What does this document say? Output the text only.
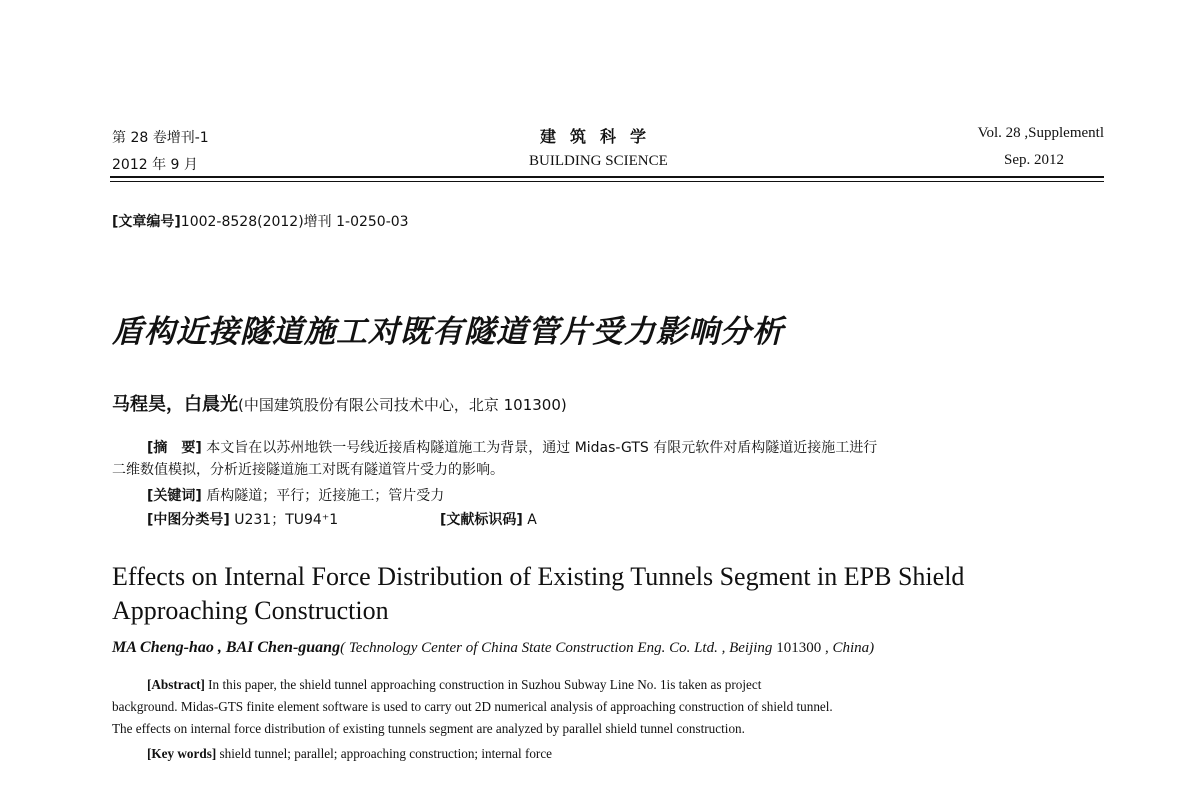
第 28 卷增刊-1
2012 年 9 月
建筑科学
BUILDING SCIENCE
Vol. 28 ,Supplementl
Sep. 2012
[文章编号]1002-8528(2012)增刊 1-0250-03
盾构近接隧道施工对既有隧道管片受力影响分析
马程昊，白晨光(中国建筑股份有限公司技术中心，北京 101300)
[摘　要] 本文旨在以苏州地铁一号线近接盾构隧道施工为背景，通过 Midas-GTS 有限元软件对盾构隧道近接施工进行
二维数值模拟，分析近接隧道施工对既有隧道管片受力的影响。
[关键词] 盾构隧道；平行；近接施工；管片受力
[中图分类号] U231；TU94⁺1	[文献标识码] A
Effects on Internal Force Distribution of Existing Tunnels Segment in EPB Shield
Approaching Construction
MA Cheng-hao , BAI Chen-guang( Technology Center of China State Construction Eng. Co. Ltd. , Beijing 101300 , China)
[Abstract] In this paper, the shield tunnel approaching construction in Suzhou Subway Line No. 1is taken as project
background. Midas-GTS finite element software is used to carry out 2D numerical analysis of approaching construction of shield tunnel.
The effects on internal force distribution of existing tunnels segment are analyzed by parallel shield tunnel construction.
[Key words] shield tunnel; parallel; approaching construction; internal force
